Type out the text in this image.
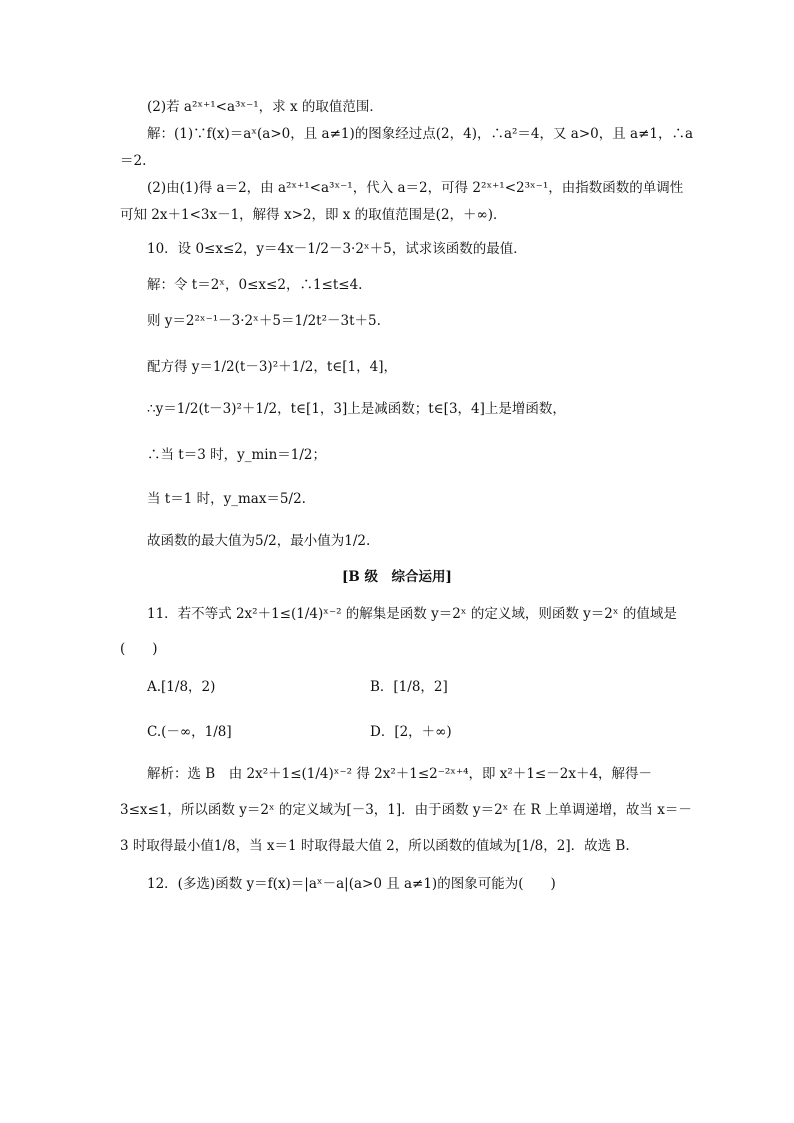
(2)若 a²ˣ⁺¹<a³ˣ⁻¹，求 x 的取值范围．
解：(1)∵f(x)＝aˣ(a>0，且 a≠1)的图象经过点(2，4)，∴a²＝4，又 a>0，且 a≠1，∴a
＝2.
(2)由(1)得 a＝2，由 a²ˣ⁺¹<a³ˣ⁻¹，代入 a＝2，可得 2²ˣ⁺¹<2³ˣ⁻¹，由指数函数的单调性
可知 2x＋1<3x－1，解得 x>2，即 x 的取值范围是(2，＋∞)．
10．设 0≤x≤2，y＝4x－1/2－3·2ˣ＋5，试求该函数的最值．
解：令 t＝2ˣ，0≤x≤2，∴1≤t≤4.
则 y＝2²ˣ⁻¹－3·2ˣ＋5＝1/2t²－3t＋5.
配方得 y＝1/2(t－3)²＋1/2，t∈[1，4]，
∴y＝1/2(t－3)²＋1/2，t∈[1，3]上是减函数；t∈[3，4]上是增函数，
∴当 t＝3 时，y_min＝1/2；
当 t＝1 时，y_max＝5/2.
故函数的最大值为5/2，最小值为1/2.
[B 级　综合运用]
11．若不等式 2x²＋1≤(1/4)ˣ⁻² 的解集是函数 y＝2ˣ 的定义域，则函数 y＝2ˣ 的值域是
(　　)
A.[1/8，2)	B．[1/8，2]
C.(－∞，1/8]	D．[2，＋∞)
解析：选 B　由 2x²＋1≤(1/4)ˣ⁻² 得 2x²＋1≤2⁻²ˣ⁺⁴，即 x²＋1≤－2x＋4，解得－
3≤x≤1，所以函数 y＝2ˣ 的定义域为[－3，1]．由于函数 y＝2ˣ 在 R 上单调递增，故当 x＝－
3 时取得最小值1/8，当 x＝1 时取得最大值 2，所以函数的值域为[1/8，2]．故选 B.
12．(多选)函数 y＝f(x)＝|aˣ－a|(a>0 且 a≠1)的图象可能为(　　)
